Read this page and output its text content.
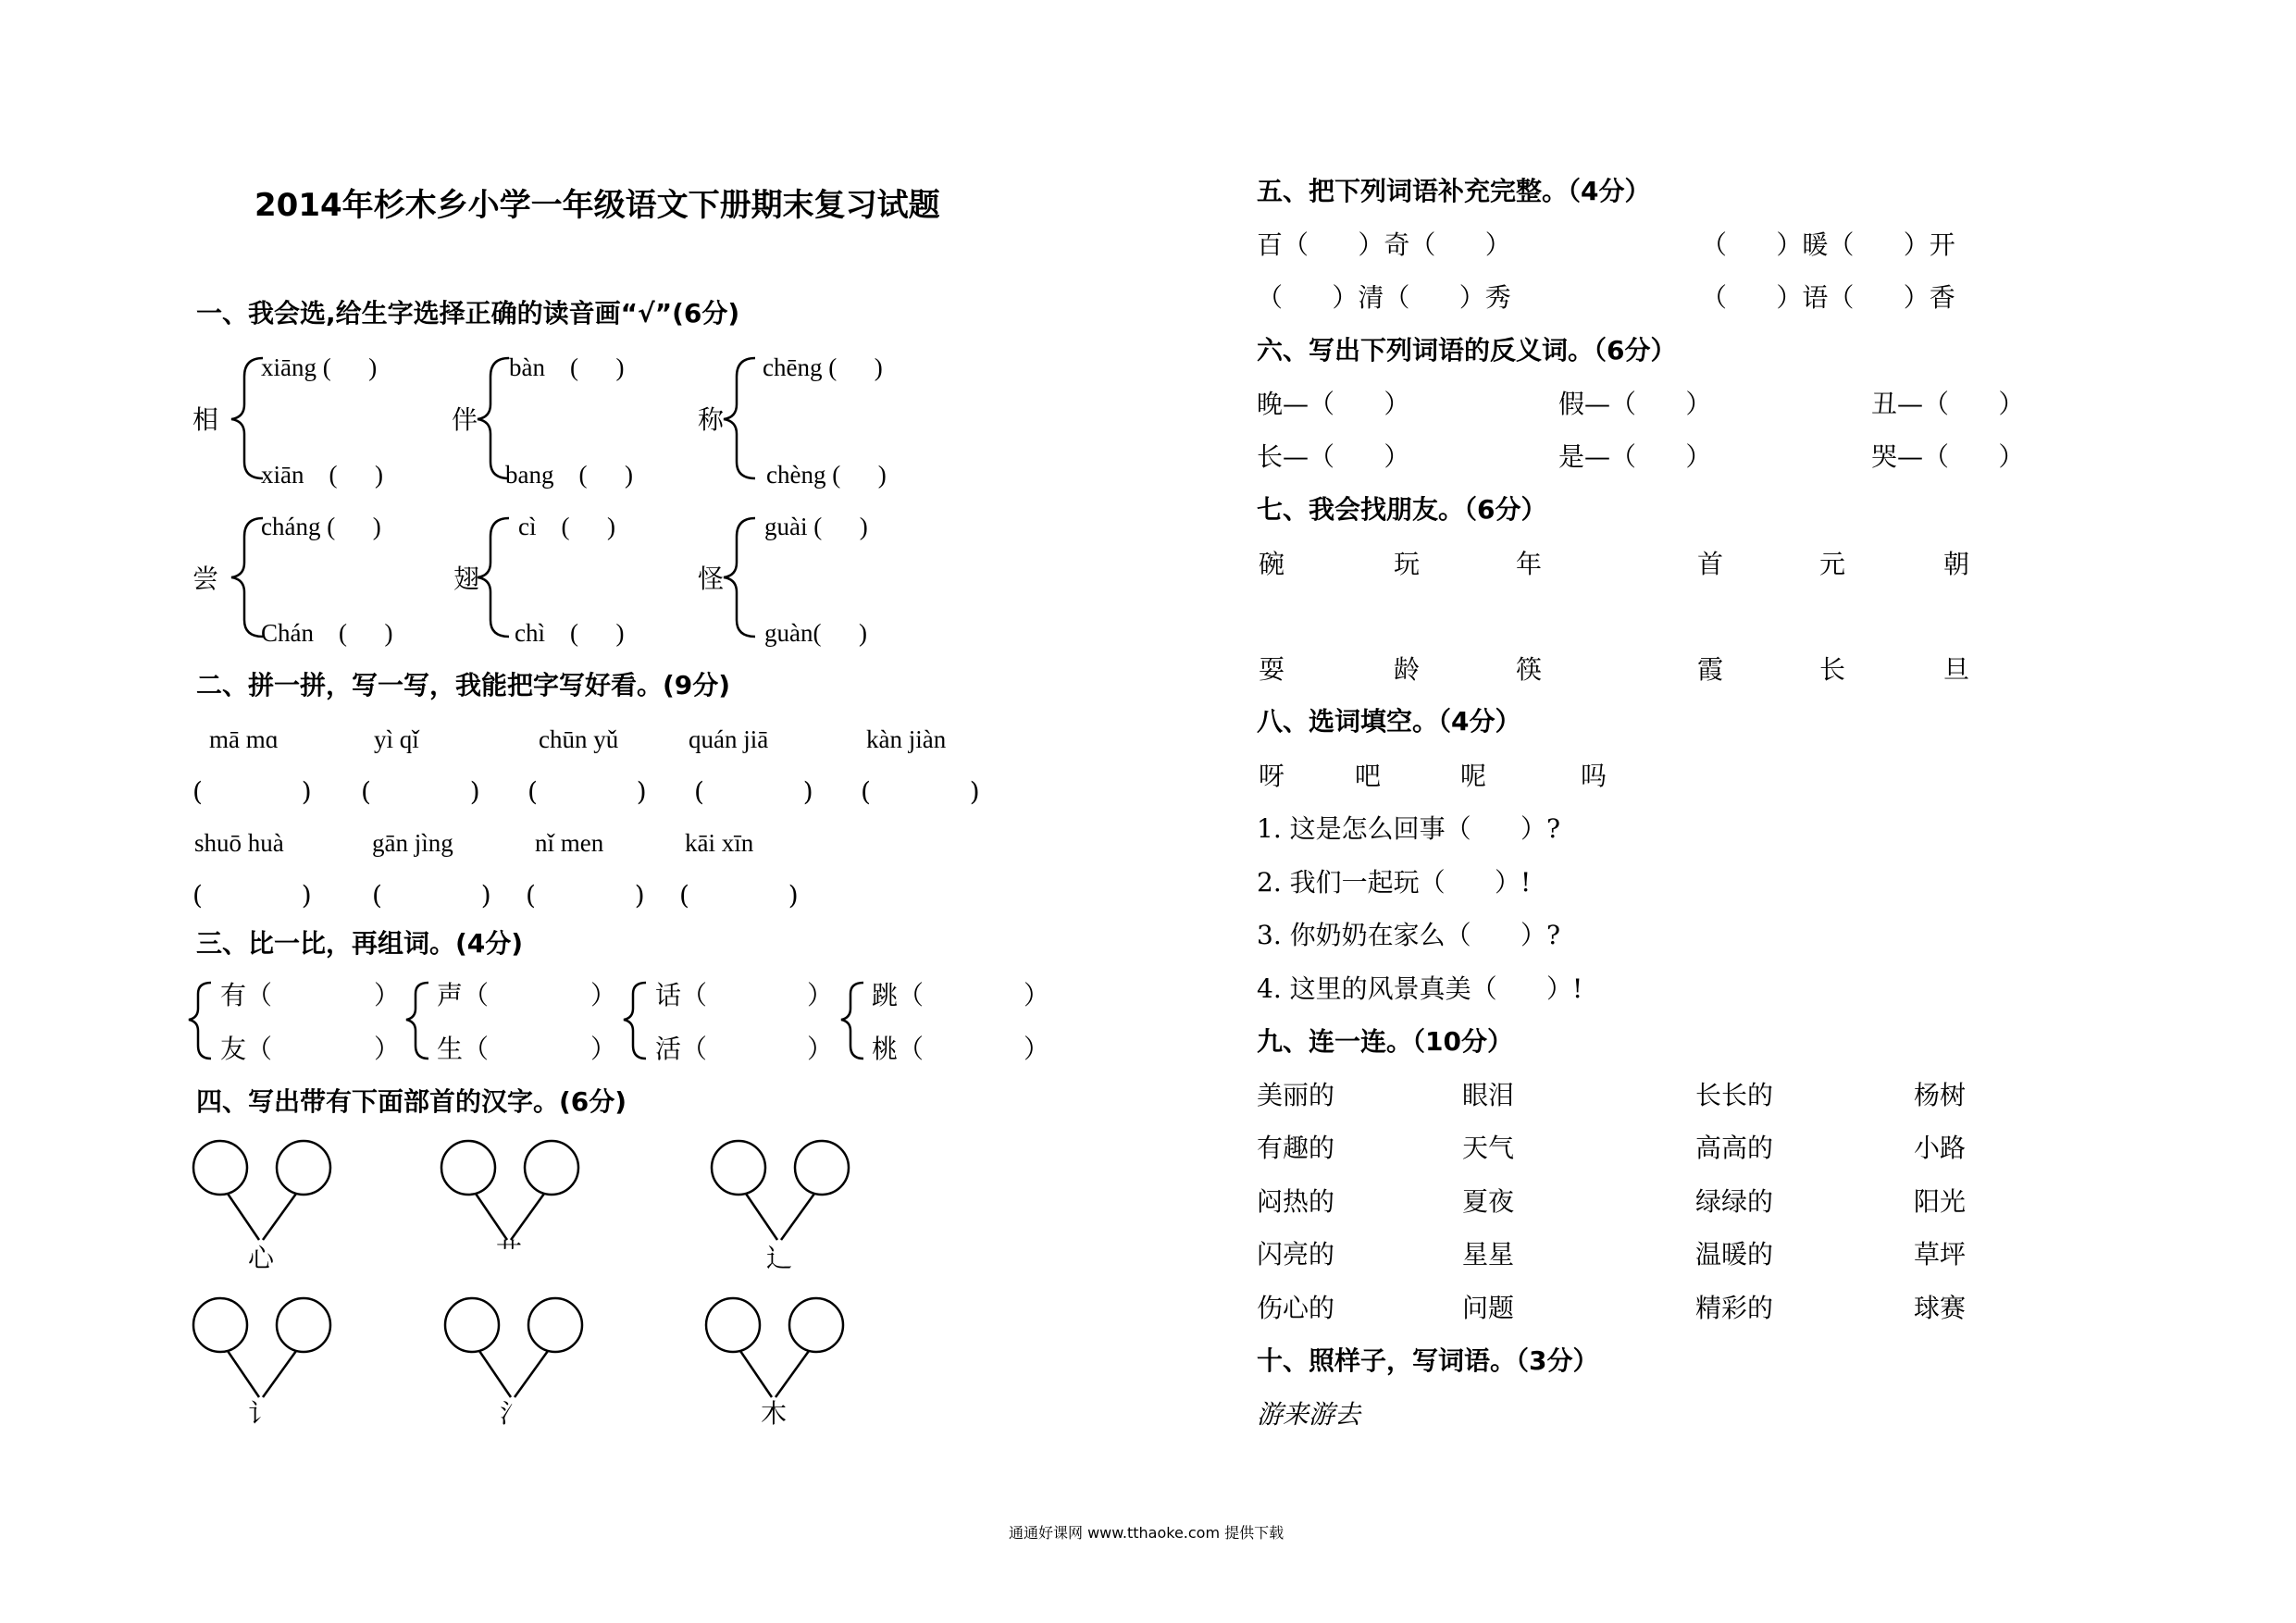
2014年杉木乡小学一年级语文下册期末复习试题
一、我会选,给生字选择正确的读音画“√”(6分)
相
xiāng (      )
xiān    (      )
伴
bàn    (      )
bang    (      )
称
chēng (      )
chèng (      )
尝
cháng (      )
Chán    (      )
翅
cì    (      )
chì    (      )
怪
guài (      )
guàn(      )
二、拼一拼，写一写，我能把字写好看。(9分)
mā mɑ	yì qǐ	chūn yǔ	quán jiā	kàn jiàn
(            ) (            ) (            ) (            ) (            )
shuō huà	gān jìng	nǐ men	kāi xīn
(            ) (            ) (            ) (            )
三、比一比，再组词。(4分)
有（	）
友（	）
声（	）
生（	）
话（	）
活（	）
跳（	）
桃（	）
四、写出带有下面部首的汉字。(6分)
心	艹	辶
讠	氵	木
五、把下列词语补充完整。（4分）
百（      ）奇（      ）	（      ）暖（      ）开
（      ）清（      ）秀	（      ）语（      ）香
六、写出下列词语的反义词。（6分）
晚—（      ）	假—（      ）	丑—（      ）
长—（      ）	是—（      ）	哭—（      ）
七、我会找朋友。（6分）
碗	玩	年	首	元	朝
耍	龄	筷	霞	长	旦
八、选词填空。（4分）
呀	吧	呢	吗
1. 这是怎么回事（      ）?
2. 我们一起玩（      ）!
3. 你奶奶在家么（      ）?
4. 这里的风景真美（      ）!
九、连一连。（10分）
美丽的	眼泪	长长的	杨树
有趣的	天气	高高的	小路
闷热的	夏夜	绿绿的	阳光
闪亮的	星星	温暖的	草坪
伤心的	问题	精彩的	球赛
十、照样子，写词语。（3分）
游来游去
通通好课网 www.tthaoke.com 提供下载
